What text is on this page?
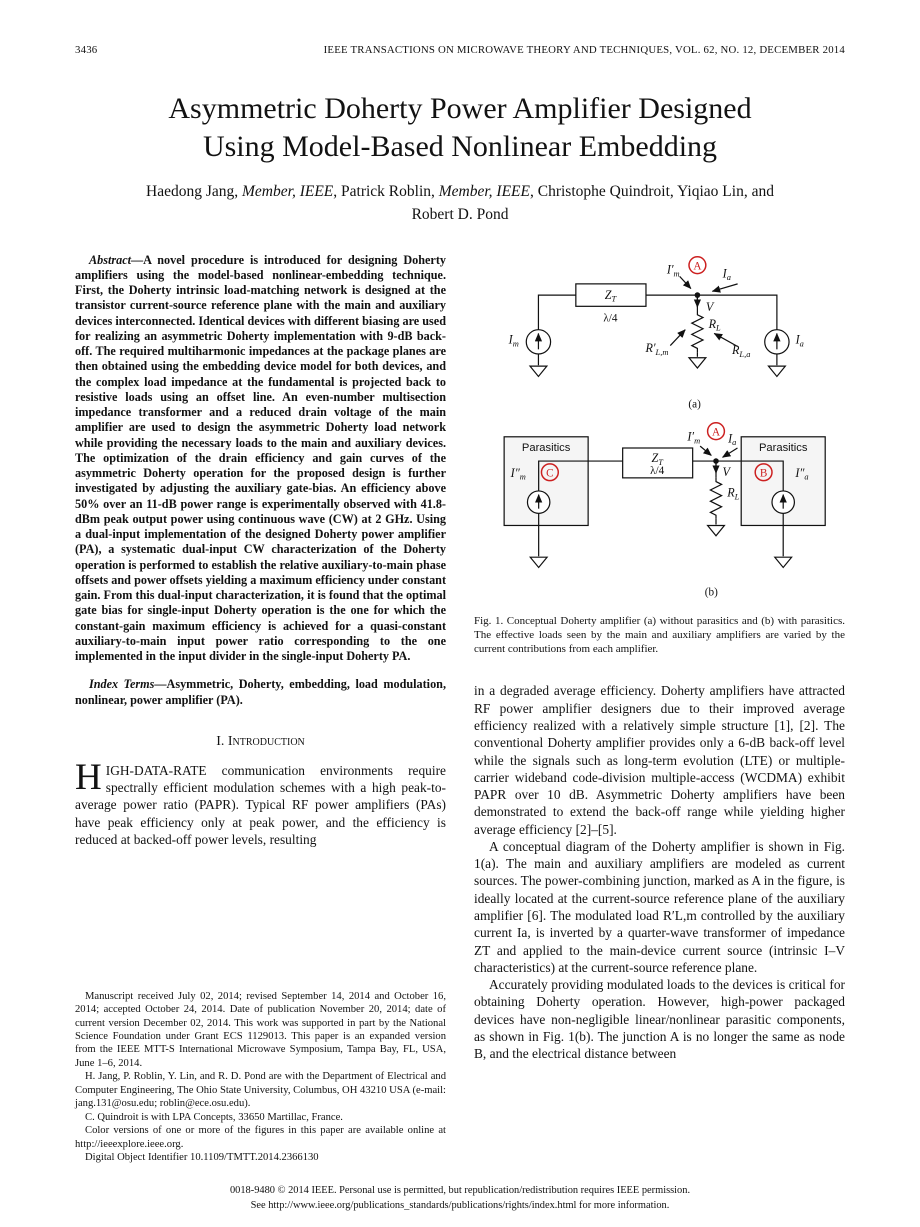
3436	IEEE TRANSACTIONS ON MICROWAVE THEORY AND TECHNIQUES, VOL. 62, NO. 12, DECEMBER 2014
Asymmetric Doherty Power Amplifier Designed
Using Model-Based Nonlinear Embedding
Haedong Jang, Member, IEEE, Patrick Roblin, Member, IEEE, Christophe Quindroit, Yiqiao Lin, and
Robert D. Pond

Abstract—A novel procedure is introduced for designing Doherty amplifiers using the model-based nonlinear-embedding technique. First, the Doherty intrinsic load-matching network is designed at the transistor current-source reference plane with the main and auxiliary devices interconnected. Identical devices with different biasing are used for realizing an asymmetric Doherty implementation with 9-dB back-off. The required multiharmonic impedances at the package planes are then obtained using the embedding device model for both devices, and the complex load impedance at the fundamental is projected back to resistive loads using an offset line. An even-number multisection impedance transformer and a reduced drain voltage of the main amplifier are used to design the asymmetric Doherty load network while providing the necessary loads to the main and auxiliary devices. The optimization of the drain efficiency and gain curves of the asymmetric Doherty operation for the proposed design is further investigated by adjusting the auxiliary gate-bias. An efficiency above 50% over an 11-dB power range is experimentally observed with 41.8-dBm peak output power using continuous wave (CW) at 2 GHz. Using a dual-input implementation of the designed Doherty power amplifier (PA), a systematic dual-input CW characterization of the Doherty operation is performed to establish the relative auxiliary-to-main phase offsets and power offsets yielding a maximum efficiency under constant gain. From this dual-input characterization, it is found that the optimal gate bias for single-input Doherty operation is the one for which the constant-gain maximum efficiency is achieved for a quasi-constant auxiliary-to-main input power ratio corresponding to the one implemented in the input divider in the single-input Doherty PA.

Index Terms—Asymmetric, Doherty, embedding, load modulation, nonlinear, power amplifier (PA).

I. Introduction

HIGH-DATA-RATE communication environments require spectrally efficient modulation schemes with a high peak-to-average power ratio (PAPR). Typical RF power amplifiers (PAs) have peak efficiency only at peak power, and the efficiency is reduced at backed-off power levels, resulting

Manuscript received July 02, 2014; revised September 14, 2014 and October 16, 2014; accepted October 24, 2014. Date of publication November 20, 2014; date of current version December 02, 2014. This work was supported in part by the National Science Foundation under Grant ECS 1129013. This paper is an expanded version from the IEEE MTT-S International Microwave Symposium, Tampa Bay, FL, USA, June 1–6, 2014.

H. Jang, P. Roblin, Y. Lin, and R. D. Pond are with the Department of Electrical and Computer Engineering, The Ohio State University, Columbus, OH 43210 USA (e-mail: jang.131@osu.edu; roblin@ece.osu.edu).

C. Quindroit is with LPA Concepts, 33650 Martillac, France.

Color versions of one or more of the figures in this paper are available online at http://ieeexplore.ieee.org.

Digital Object Identifier 10.1109/TMTT.2014.2366130

$I_m$
$Z_T$
λ/4
$I'_m$
A $I_a$
V
$R_L$
$R'_{L,m}$	$R_{L,a}$
$I_a$
(a)
Parasitics	Parasitics
$I''_m$ C
$Z_T$
λ/4
$I'_m$
A $I_a$
V
$R_L$
B $I''_a$
(b)
Fig. 1. Conceptual Doherty amplifier (a) without parasitics and (b) with parasitics. The effective loads seen by the main and auxiliary amplifiers are varied by the current contributions from each amplifier.

in a degraded average efficiency. Doherty amplifiers have attracted RF power amplifier designers due to their improved average efficiency realized with a relatively simple structure [1], [2]. The conventional Doherty amplifier provides only a 6-dB back-off level while the signals such as long-term evolution (LTE) or multiple-carrier wideband code-division multiple-access (WCDMA) exhibit PAPR over 10 dB. Asymmetric Doherty amplifiers have been demonstrated to extend the back-off range while yielding higher average efficiency [2]–[5].

A conceptual diagram of the Doherty amplifier is shown in Fig. 1(a). The main and auxiliary amplifiers are modeled as current sources. The power-combining junction, marked as A in the figure, is ideally located at the current-source reference plane of the auxiliary amplifier [6]. The modulated load R′L,m controlled by the auxiliary current Ia, is inverted by a quarter-wave transformer of impedance ZT and applied to the main-device current source (intrinsic I–V characteristics) at the current-source reference plane.

Accurately providing modulated loads to the devices is critical for obtaining Doherty operation. However, high-power packaged devices have non-negligible linear/nonlinear parasitic components, as shown in Fig. 1(b). The junction A is no longer the same as node B, and the electrical distance between

0018-9480 © 2014 IEEE. Personal use is permitted, but republication/redistribution requires IEEE permission.
See http://www.ieee.org/publications_standards/publications/rights/index.html for more information.
